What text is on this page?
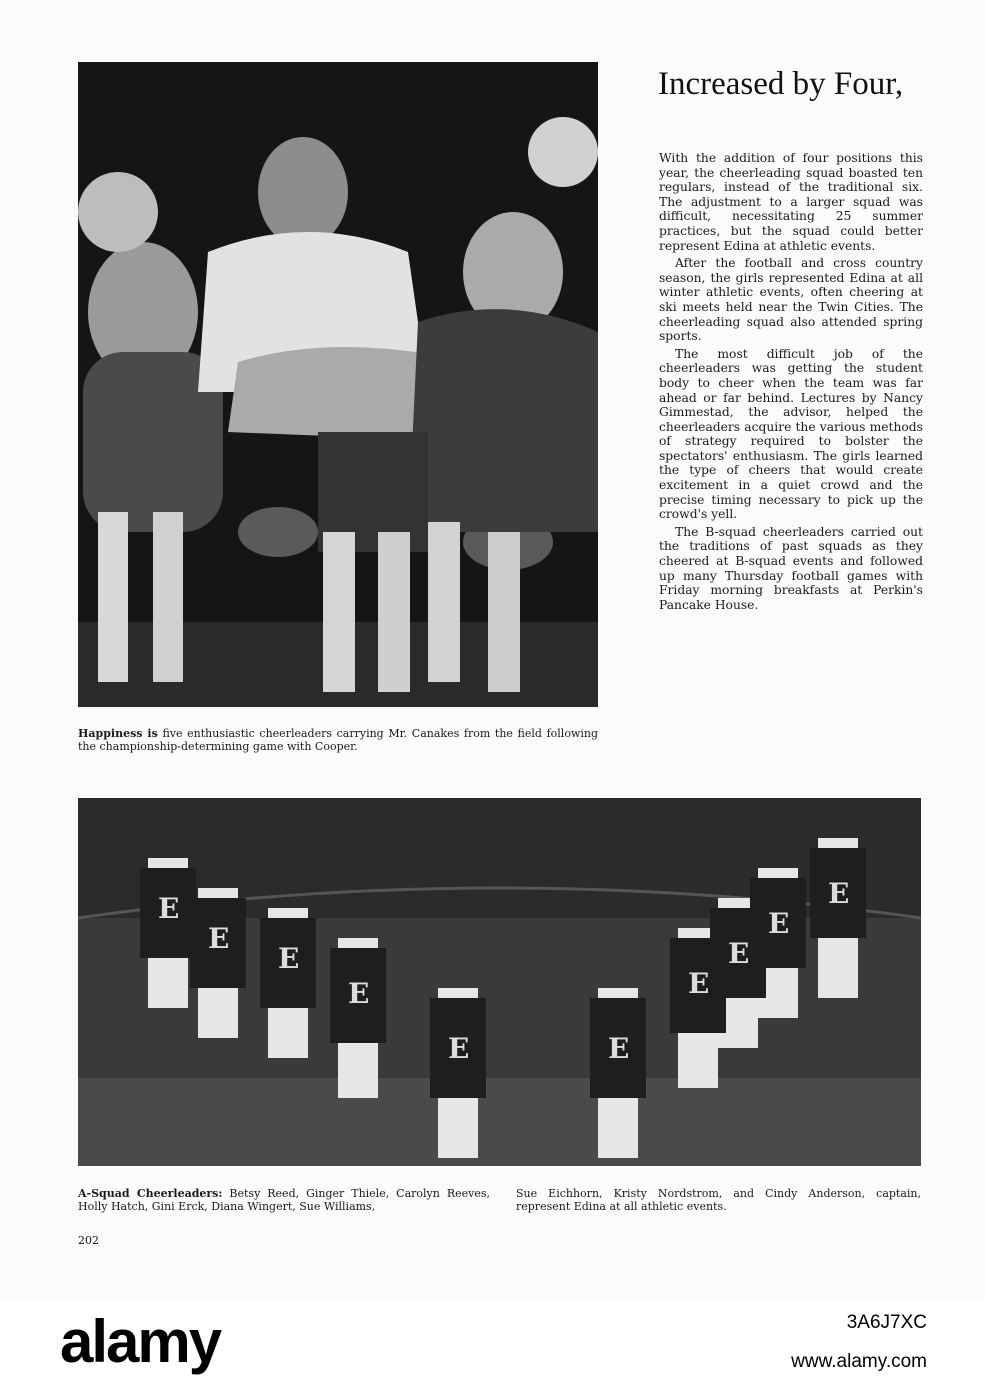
Increased by Four,

With the addition of four positions this year, the cheerleading squad boasted ten regulars, instead of the traditional six. The adjustment to a larger squad was difficult, necessitating 25 summer practices, but the squad could better represent Edina at athletic events.

After the football and cross country season, the girls represented Edina at all winter athletic events, often cheering at ski meets held near the Twin Cities. The cheerleading squad also attended spring sports.

The most difficult job of the cheerleaders was getting the student body to cheer when the team was far ahead or far behind. Lectures by Nancy Gimmestad, the advisor, helped the cheerleaders acquire the various methods of strategy required to bolster the spectators' enthusiasm. The girls learned the type of cheers that would create excitement in a quiet crowd and the precise timing necessary to pick up the crowd's yell.

The B-squad cheerleaders carried out the traditions of past squads as they cheered at B-squad events and followed up many Thursday football games with Friday morning breakfasts at Perkin's Pancake House.

Happiness is five enthusiastic cheerleaders carrying Mr. Canakes from the field following the championship-determining game with Cooper.
E
E
E
E
E	E
E
E
E
E
A-Squad Cheerleaders: Betsy Reed, Ginger Thiele, Carolyn Reeves, Holly Hatch, Gini Erck, Diana Wingert, Sue Williams,
Sue Eichhorn, Kristy Nordstrom, and Cindy Anderson, captain, represent Edina at all athletic events.
202
alamy	3A6J7XC
www.alamy.com
